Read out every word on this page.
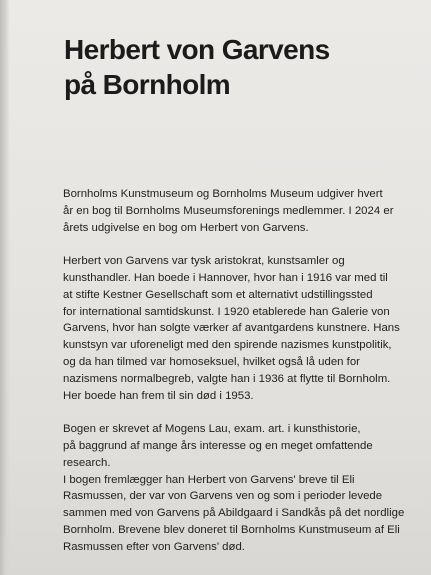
Herbert von Garvens
på Bornholm

Bornholms Kunstmuseum og Bornholms Museum udgiver hvert
år en bog til Bornholms Museumsforenings medlemmer. I 2024 er
årets udgivelse en bog om Herbert von Garvens.

Herbert von Garvens var tysk aristokrat, kunstsamler og
kunsthandler. Han boede i Hannover, hvor han i 1916 var med til
at stifte Kestner Gesellschaft som et alternativt udstillingssted
for international samtidskunst. I 1920 etablerede han Galerie von
Garvens, hvor han solgte værker af avantgardens kunstnere. Hans
kunstsyn var uforeneligt med den spirende nazismes kunstpolitik,
og da han tilmed var homoseksuel, hvilket også lå uden for
nazismens normalbegreb, valgte han i 1936 at flytte til Bornholm.
Her boede han frem til sin død i 1953.

Bogen er skrevet af Mogens Lau, exam. art. i kunsthistorie,
på baggrund af mange års interesse og en meget omfattende
research.

I bogen fremlægger han Herbert von Garvens' breve til Eli
Rasmussen, der var von Garvens ven og som i perioder levede
sammen med von Garvens på Abildgaard i Sandkås på det nordlige
Bornholm. Brevene blev doneret til Bornholms Kunstmuseum af Eli
Rasmussen efter von Garvens' død.
